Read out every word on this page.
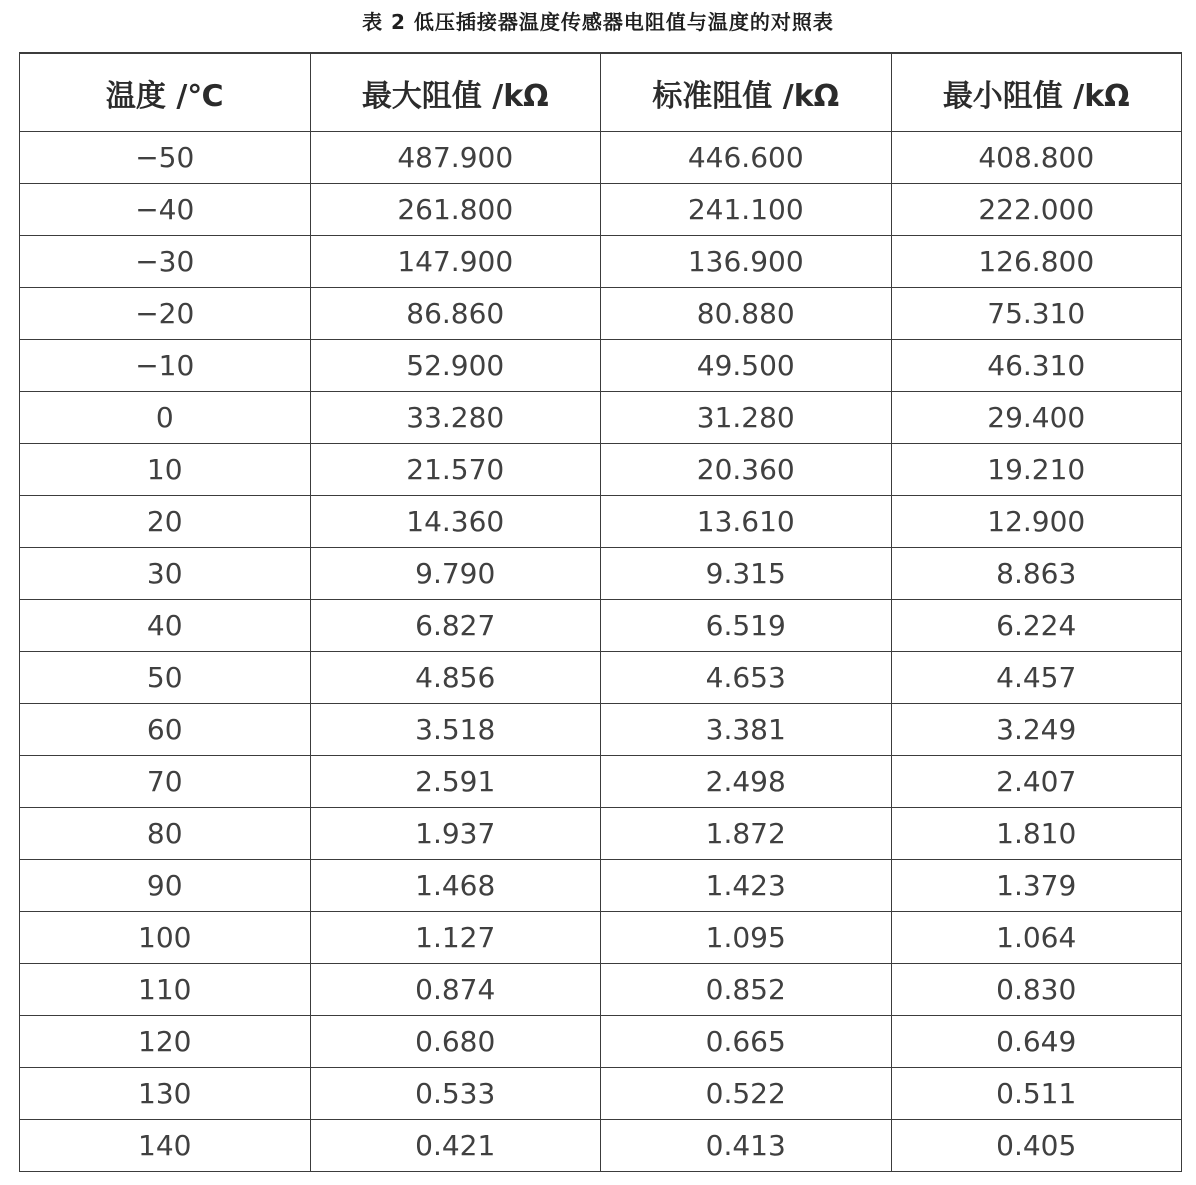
表 2 低压插接器温度传感器电阻值与温度的对照表
温度 /℃	最大阻值 /kΩ	标准阻值 /kΩ	最小阻值 /kΩ
−50	487.900	446.600	408.800
−40	261.800	241.100	222.000
−30	147.900	136.900	126.800
−20	86.860	80.880	75.310
−10	52.900	49.500	46.310
0	33.280	31.280	29.400
10	21.570	20.360	19.210
20	14.360	13.610	12.900
30	9.790	9.315	8.863
40	6.827	6.519	6.224
50	4.856	4.653	4.457
60	3.518	3.381	3.249
70	2.591	2.498	2.407
80	1.937	1.872	1.810
90	1.468	1.423	1.379
100	1.127	1.095	1.064
110	0.874	0.852	0.830
120	0.680	0.665	0.649
130	0.533	0.522	0.511
140	0.421	0.413	0.405
